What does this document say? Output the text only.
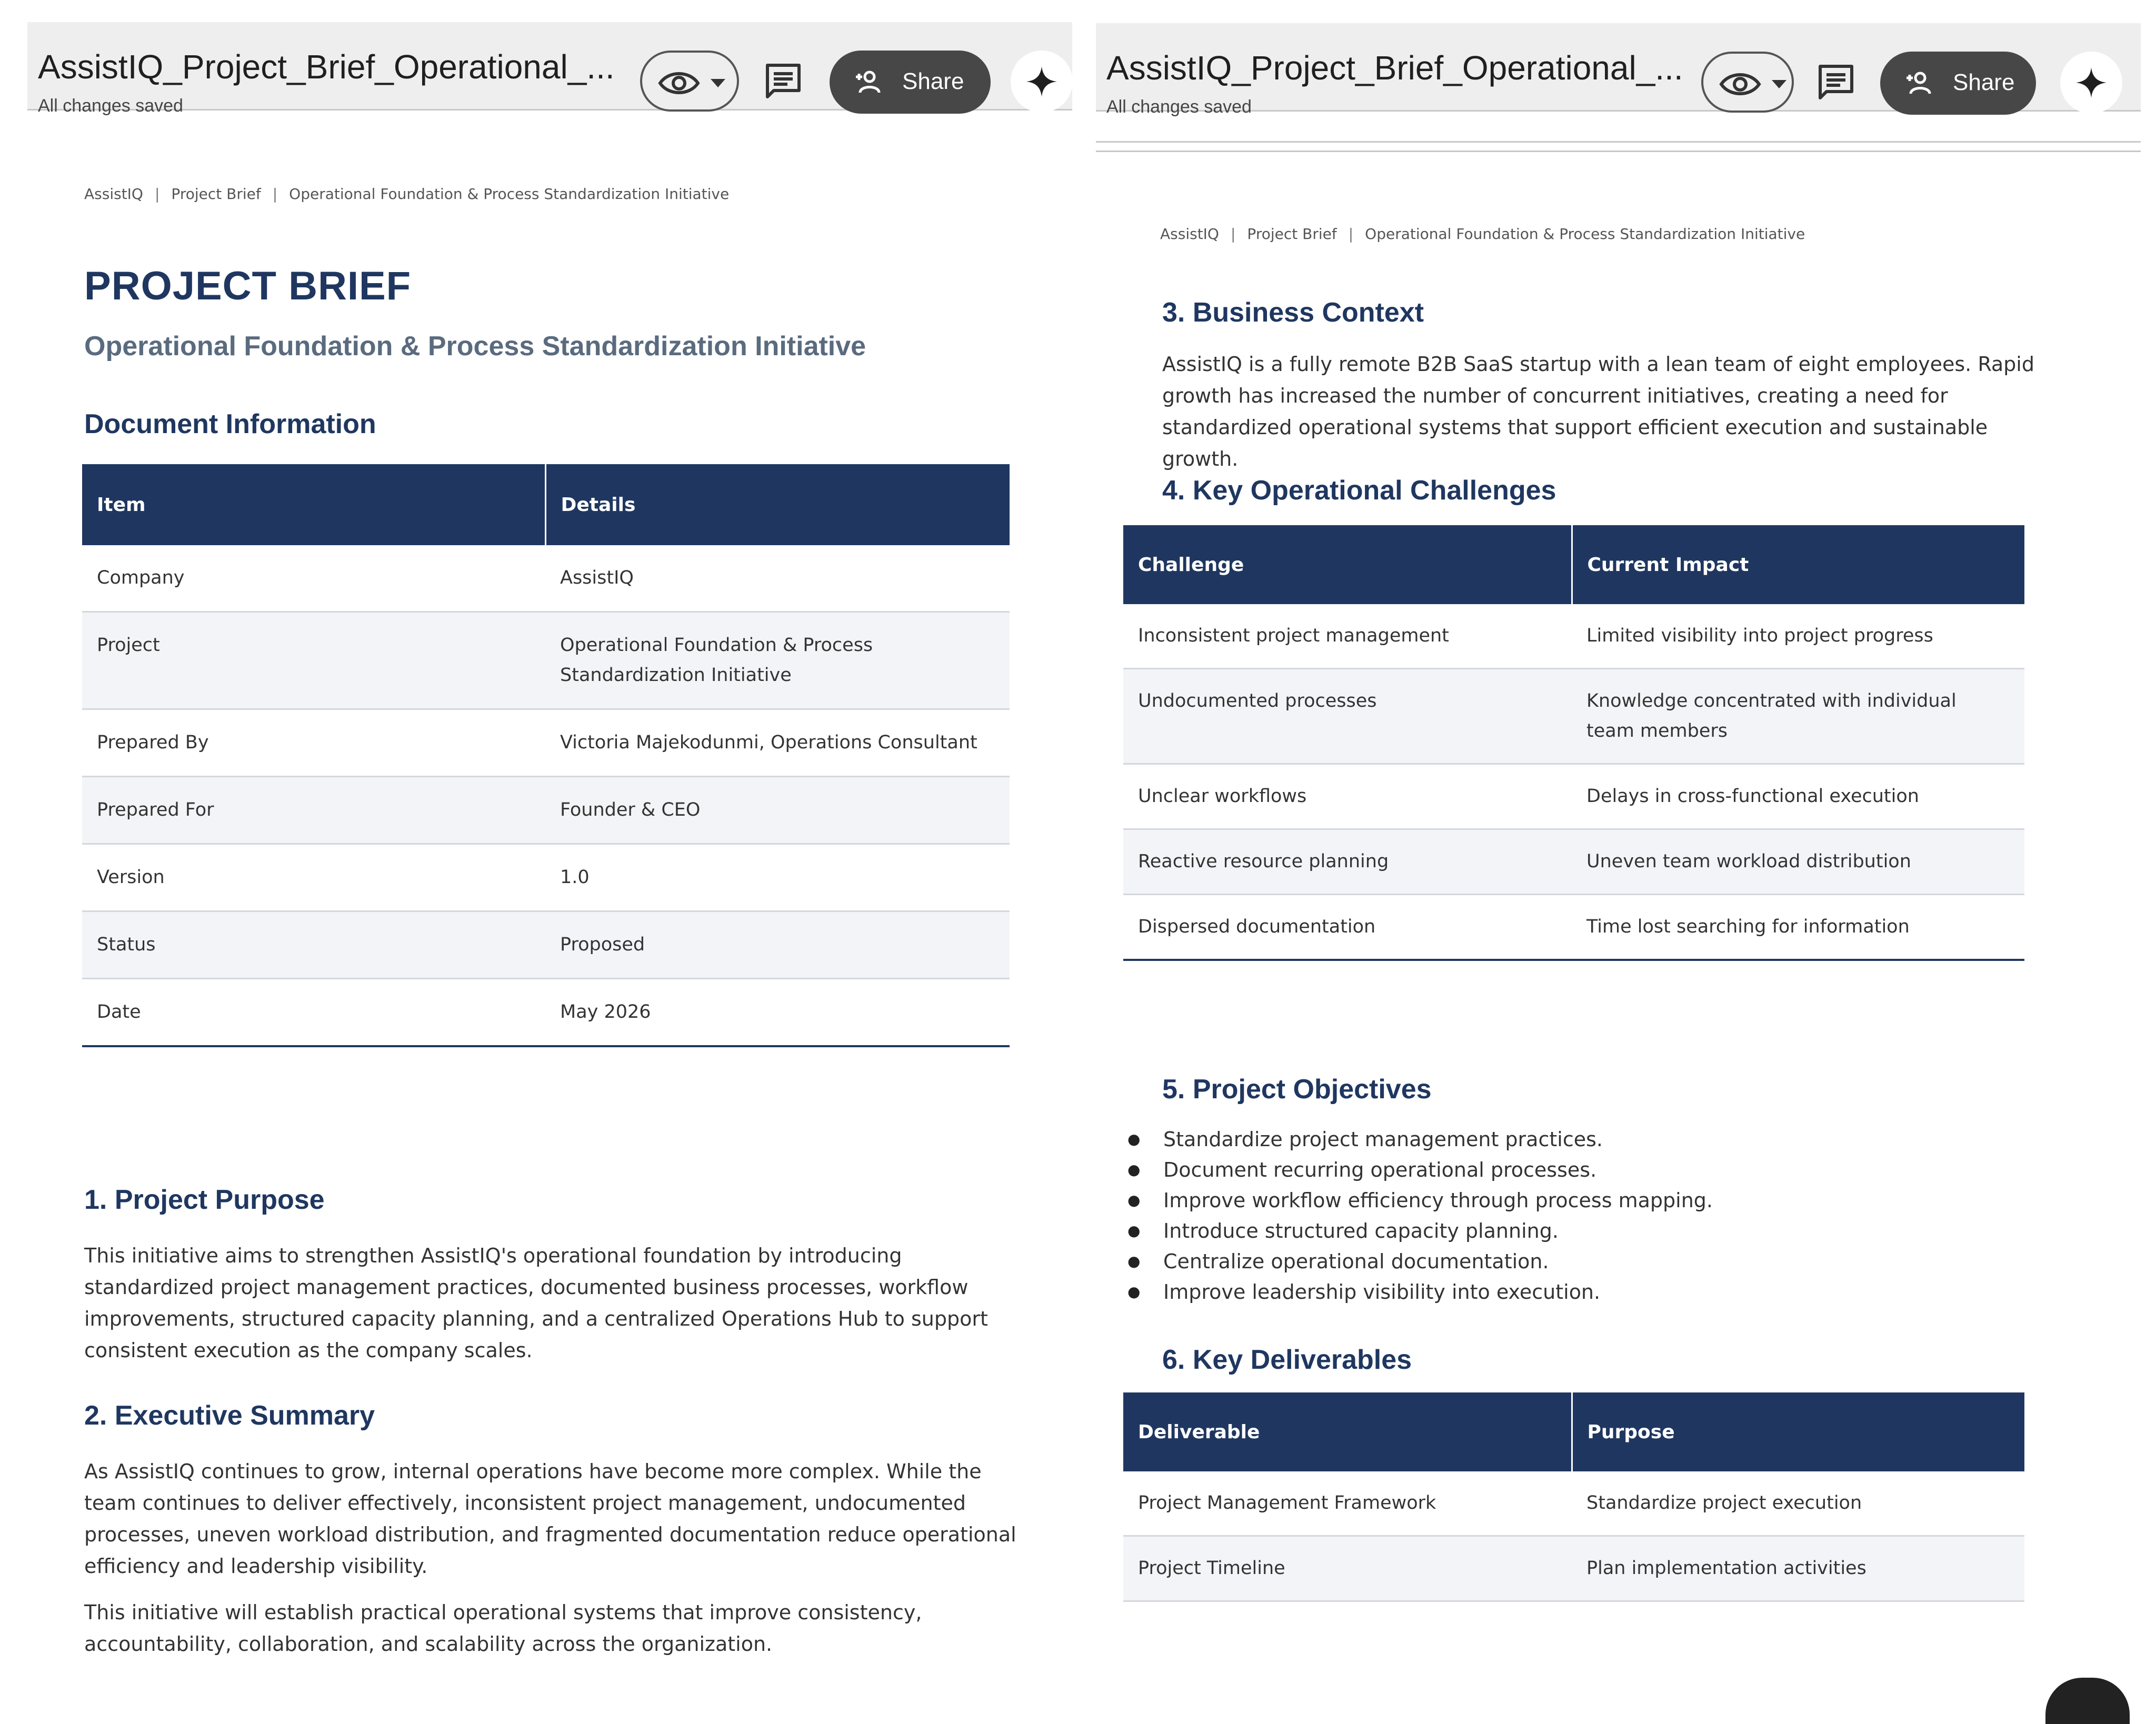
AssistIQ_Project_Brief_Operational_...
All changes saved
Share
AssistIQ | Project Brief | Operational Foundation & Process Standardization Initiative
PROJECT BRIEF
Operational Foundation & Process Standardization Initiative
Document Information
Item	Details
Company	AssistIQ
Project	Operational Foundation & Process Standardization Initiative
Prepared By	Victoria Majekodunmi, Operations Consultant
Prepared For	Founder & CEO
Version	1.0
Status	Proposed
Date	May 2026
1. Project Purpose
This initiative aims to strengthen AssistIQ's operational foundation by introducing standardized project management practices, documented business processes, workflow improvements, structured capacity planning, and a centralized Operations Hub to support consistent execution as the company scales.
2. Executive Summary
As AssistIQ continues to grow, internal operations have become more complex. While the team continues to deliver effectively, inconsistent project management, undocumented processes, uneven workload distribution, and fragmented documentation reduce operational efficiency and leadership visibility.
This initiative will establish practical operational systems that improve consistency, accountability, collaboration, and scalability across the organization.
AssistIQ_Project_Brief_Operational_...
All changes saved
Share
AssistIQ | Project Brief | Operational Foundation & Process Standardization Initiative
3. Business Context
AssistIQ is a fully remote B2B SaaS startup with a lean team of eight employees. Rapid growth has increased the number of concurrent initiatives, creating a need for standardized operational systems that support efficient execution and sustainable growth.
4. Key Operational Challenges
Challenge	Current Impact
Inconsistent project management	Limited visibility into project progress
Undocumented processes	Knowledge concentrated with individual team members
Unclear workflows	Delays in cross-functional execution
Reactive resource planning	Uneven team workload distribution
Dispersed documentation	Time lost searching for information
5. Project Objectives
● Standardize project management practices.
● Document recurring operational processes.
● Improve workflow efficiency through process mapping.
● Introduce structured capacity planning.
● Centralize operational documentation.
● Improve leadership visibility into execution.
6. Key Deliverables
Deliverable	Purpose
Project Management Framework	Standardize project execution
Project Timeline	Plan implementation activities
